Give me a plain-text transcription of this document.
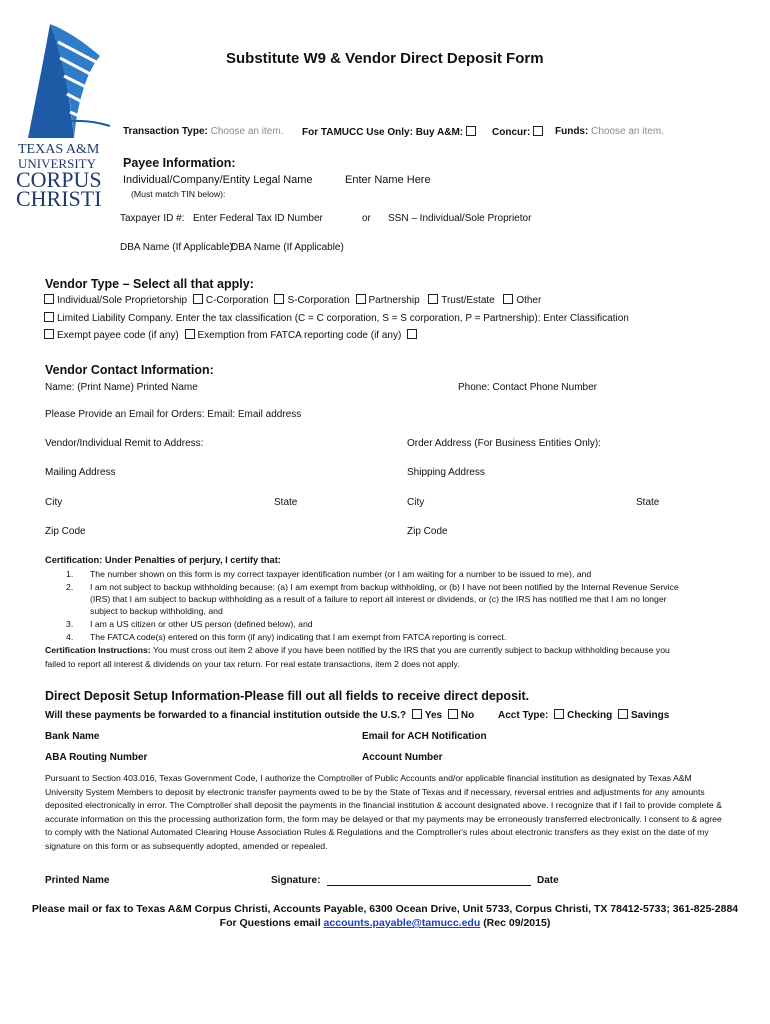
TEXAS A&M
UNIVERSITY
CORPUS
CHRISTI
Substitute W9 & Vendor Direct Deposit Form
Transaction Type: Choose an item. For TAMUCC Use Only: Buy A&M:	Concur:	Funds: Choose an item.
Payee Information:
Individual/Company/Entity Legal Name	Enter Name Here
(Must match TIN below):
Taxpayer ID #: Enter Federal Tax ID Number	or SSN – Individual/Sole Proprietor
DBA Name (If Applicable):
DBA Name (If Applicable)
Vendor Type – Select all that apply:
Individual/Sole Proprietorship C-Corporation S-Corporation Partnership Trust/Estate Other
Limited Liability Company. Enter the tax classification (C = C corporation, S = S corporation, P = Partnership): Enter Classification
Exempt payee code (if any) Exemption from FATCA reporting code (if any)
Vendor Contact Information:
Name: (Print Name) Printed Name	Phone: Contact Phone Number
Please Provide an Email for Orders: Email: Email address
Vendor/Individual Remit to Address:	Order Address (For Business Entities Only):
Mailing Address	Shipping Address
City	State	City	State
Zip Code	Zip Code
Certification: Under Penalties of perjury, I certify that:
1. The number shown on this form is my correct taxpayer identification number (or I am waiting for a number to be issued to me), and
2. I am not subject to backup withholding because: (a) I am exempt from backup withholding, or (b) I have not been notified by the Internal Revenue Service
(IRS) that I am subject to backup withholding as a result of a failure to report all interest or dividends, or (c) the IRS has notified me that I am no longer
subject to backup withholding, and
3. I am a US citizen or other US person (defined below), and
4. The FATCA code(s) entered on this form (if any) indicating that I am exempt from FATCA reporting is correct.
Certification Instructions: You must cross out item 2 above if you have been notified by the IRS that you are currently subject to backup withholding because you
failed to report all interest & dividends on your tax return. For real estate transactions, item 2 does not apply.
Direct Deposit Setup Information-Please fill out all fields to receive direct deposit.
Will these payments be forwarded to a financial institution outside the U.S.? Yes No Acct Type: Checking Savings
Bank Name	Email for ACH Notification
ABA Routing Number	Account Number
Pursuant to Section 403.016, Texas Government Code, I authorize the Comptroller of Public Accounts and/or applicable financial institution as designated by Texas A&M University System Members to deposit by electronic transfer payments owed to be by the State of Texas and if necessary, reversal entries and adjustments for any amounts deposited electronically in error. The Comptroller shall deposit the payments in the financial institution & account designated above. I recognize that if I fail to provide complete & accurate information on this the processing authorization form, the form may be delayed or that my payments may be erroneously transferred electronically. I consent to & agree to comply with the National Automated Clearing House Association Rules & Regulations and the Comptroller's rules about electronic transfers as they exist on the date of my signature on this form or as subsequently adopted, amended or repealed.
Printed Name	Signature:	Date
Please mail or fax to Texas A&M Corpus Christi, Accounts Payable, 6300 Ocean Drive, Unit 5733, Corpus Christi, TX 78412-5733; 361-825-2884
For Questions email accounts.payable@tamucc.edu (Rec 09/2015)
